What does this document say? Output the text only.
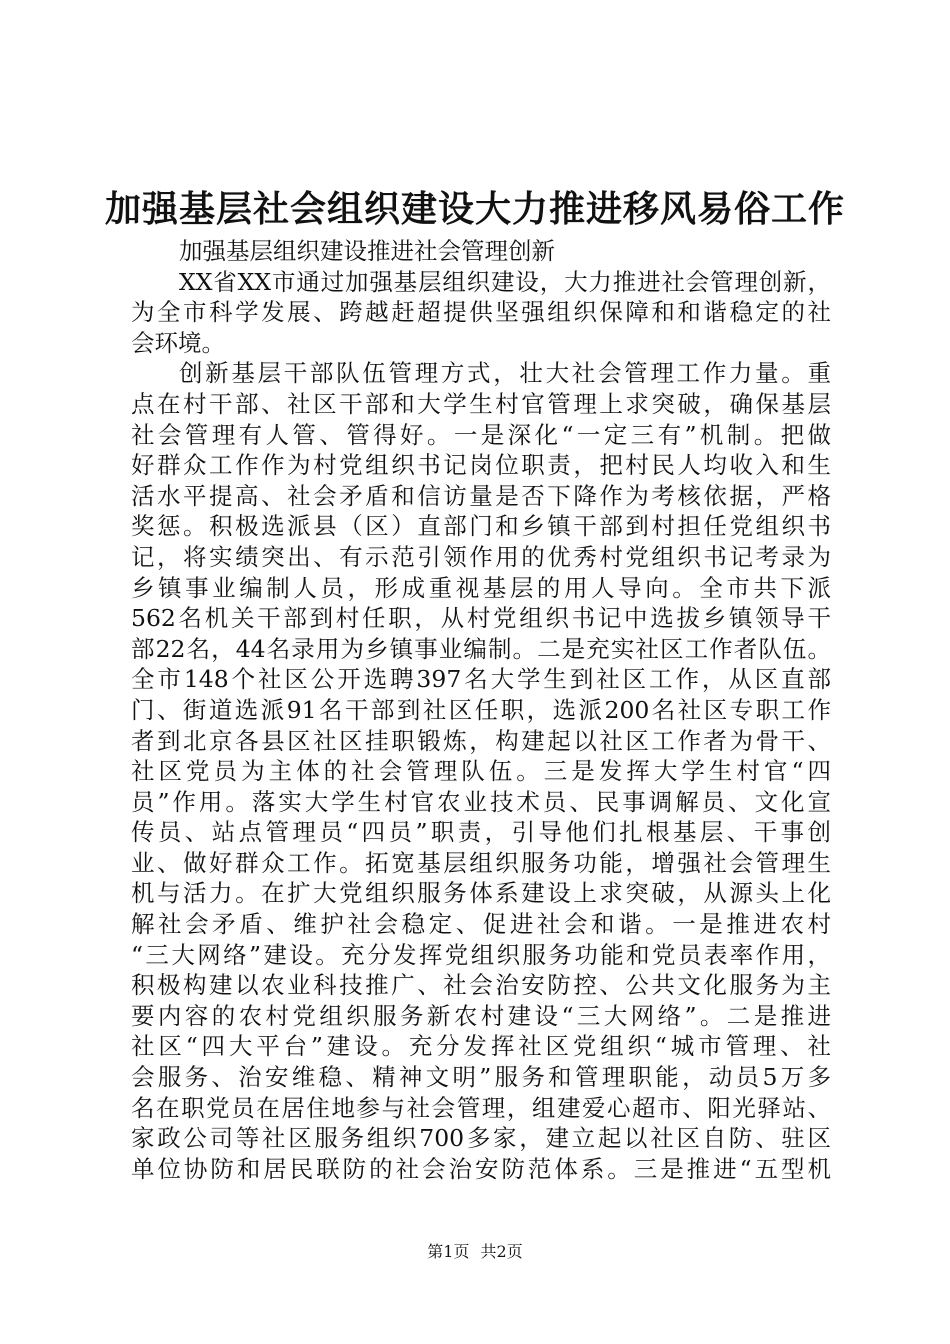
加强基层社会组织建设大力推进移风易俗工作

加强基层组织建设推进社会管理创新

XX省XX市通过加强基层组织建设，大力推进社会管理创新，

为全市科学发展、跨越赶超提供坚强组织保障和和谐稳定的社

会环境。

创新基层干部队伍管理方式，壮大社会管理工作力量。重

点在村干部、社区干部和大学生村官管理上求突破，确保基层

社会管理有人管、管得好。一是深化“一定三有”机制。把做

好群众工作作为村党组织书记岗位职责，把村民人均收入和生

活水平提高、社会矛盾和信访量是否下降作为考核依据，严格

奖惩。积极选派县（区）直部门和乡镇干部到村担任党组织书

记，将实绩突出、有示范引领作用的优秀村党组织书记考录为

乡镇事业编制人员，形成重视基层的用人导向。全市共下派

562名机关干部到村任职，从村党组织书记中选拔乡镇领导干

部22名，44名录用为乡镇事业编制。二是充实社区工作者队伍。

全市148个社区公开选聘397名大学生到社区工作，从区直部

门、街道选派91名干部到社区任职，选派200名社区专职工作

者到北京各县区社区挂职锻炼，构建起以社区工作者为骨干、

社区党员为主体的社会管理队伍。三是发挥大学生村官“四

员”作用。落实大学生村官农业技术员、民事调解员、文化宣

传员、站点管理员“四员”职责，引导他们扎根基层、干事创

业、做好群众工作。拓宽基层组织服务功能，增强社会管理生

机与活力。在扩大党组织服务体系建设上求突破，从源头上化

解社会矛盾、维护社会稳定、促进社会和谐。一是推进农村

“三大网络”建设。充分发挥党组织服务功能和党员表率作用，

积极构建以农业科技推广、社会治安防控、公共文化服务为主

要内容的农村党组织服务新农村建设“三大网络”。二是推进

社区“四大平台”建设。充分发挥社区党组织“城市管理、社

会服务、治安维稳、精神文明”服务和管理职能，动员5万多

名在职党员在居住地参与社会管理，组建爱心超市、阳光驿站、

家政公司等社区服务组织700多家，建立起以社区自防、驻区

单位协防和居民联防的社会治安防范体系。三是推进“五型机

第1页 共2页
